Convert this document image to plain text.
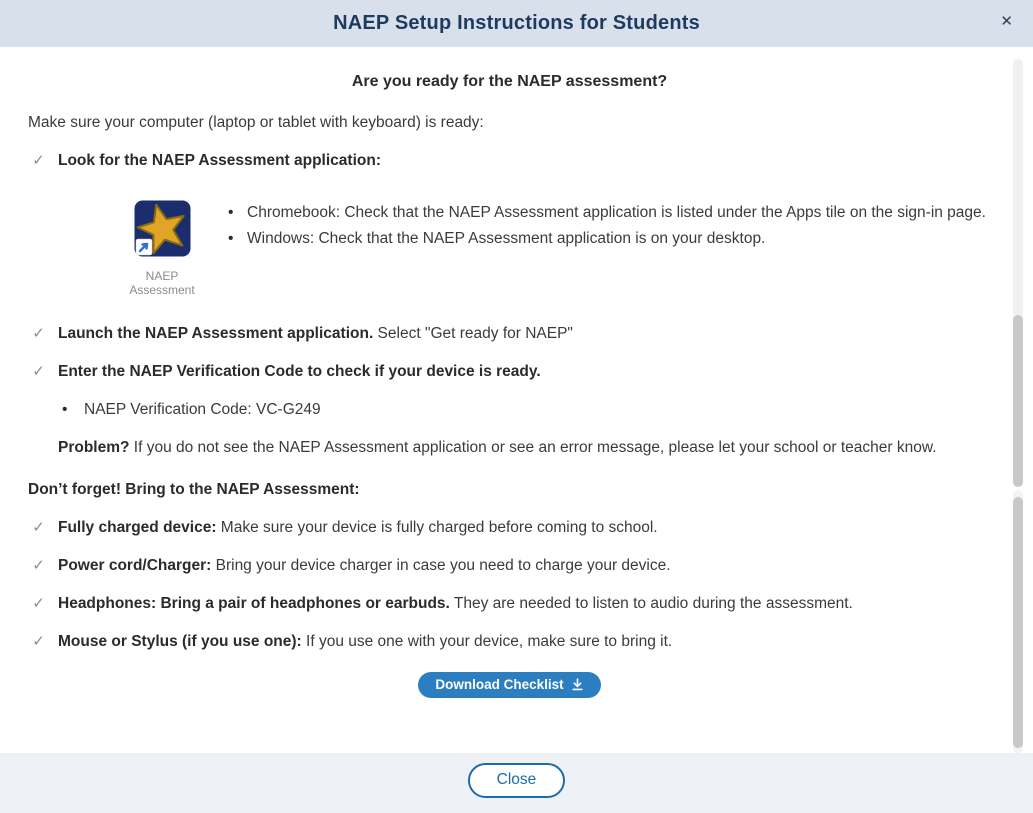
NAEP Setup Instructions for Students	✕
Are you ready for the NAEP assessment?

Make sure your computer (laptop or tablet with keyboard) is ready:

✓ Look for the NAEP Assessment application:
NAEP
Assessment
• Chromebook: Check that the NAEP Assessment application is listed under the Apps tile on the sign-in page.
• Windows: Check that the NAEP Assessment application is on your desktop.
✓ Launch the NAEP Assessment application. Select "Get ready for NAEP"
✓ Enter the NAEP Verification Code to check if your device is ready.
• NAEP Verification Code: VC-G249

Problem? If you do not see the NAEP Assessment application or see an error message, please let your school or teacher know.

Don’t forget! Bring to the NAEP Assessment:
✓ Fully charged device: Make sure your device is fully charged before coming to school.
✓ Power cord/Charger: Bring your device charger in case you need to charge your device.
✓ Headphones: Bring a pair of headphones or earbuds. They are needed to listen to audio during the assessment.
✓ Mouse or Stylus (if you use one): If you use one with your device, make sure to bring it.
Download Checklist
Close
